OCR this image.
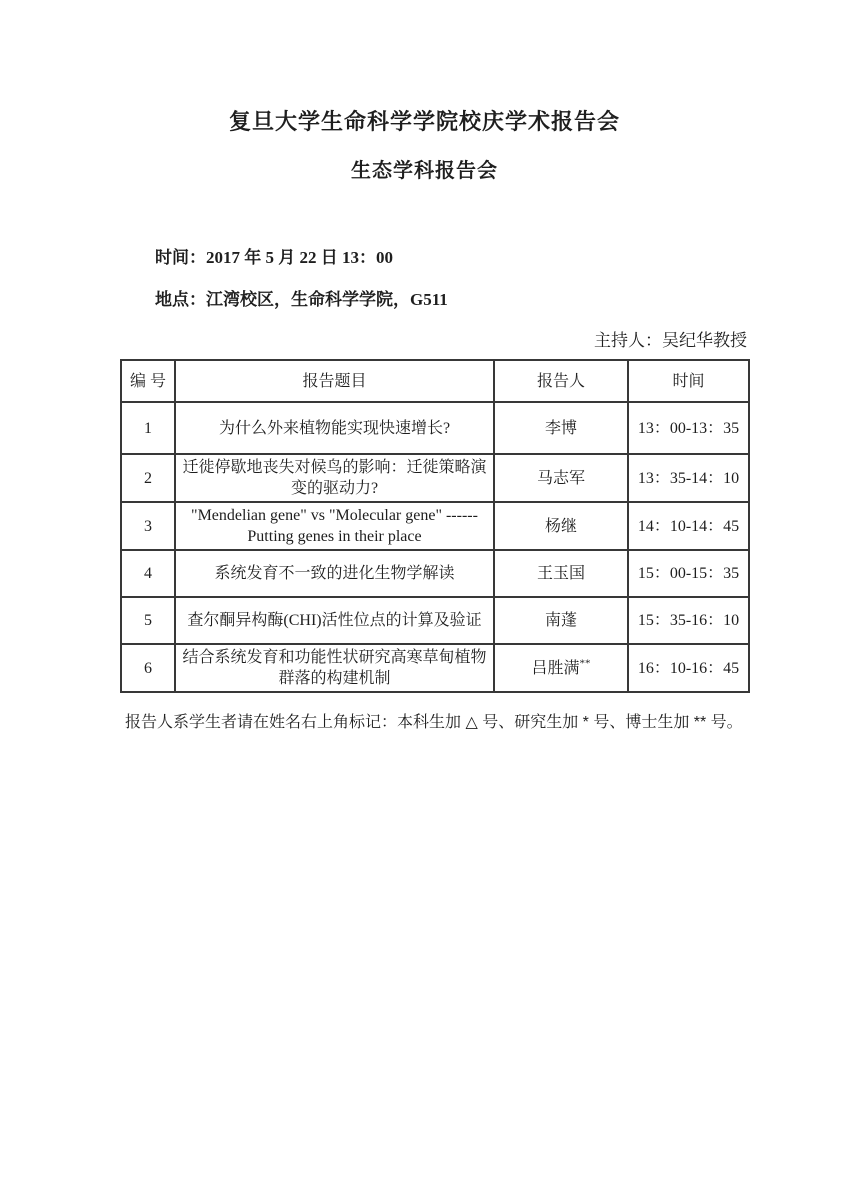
复旦大学生命科学学院校庆学术报告会
生态学科报告会

时间：2017 年 5 月 22 日 13：00

地点：江湾校区，生命科学学院，G511

主持人：吴纪华教授

编 号	报告题目	报告人	时间
1	为什么外来植物能实现快速增长?	李博	13：00-13：35
2	迁徙停歇地丧失对候鸟的影响：迁徙策略演变的驱动力?	马志军	13：35-14：10
3	"Mendelian gene" vs "Molecular gene" ------ Putting genes in their place	杨继	14：10-14：45
4	系统发育不一致的进化生物学解读	王玉国	15：00-15：35
5	查尔酮异构酶(CHI)活性位点的计算及验证	南蓬	15：35-16：10
6	结合系统发育和功能性状研究高寒草甸植物群落的构建机制	吕胜满**	16：10-16：45

报告人系学生者请在姓名右上角标记：本科生加 △ 号、研究生加 * 号、博士生加 ** 号。
